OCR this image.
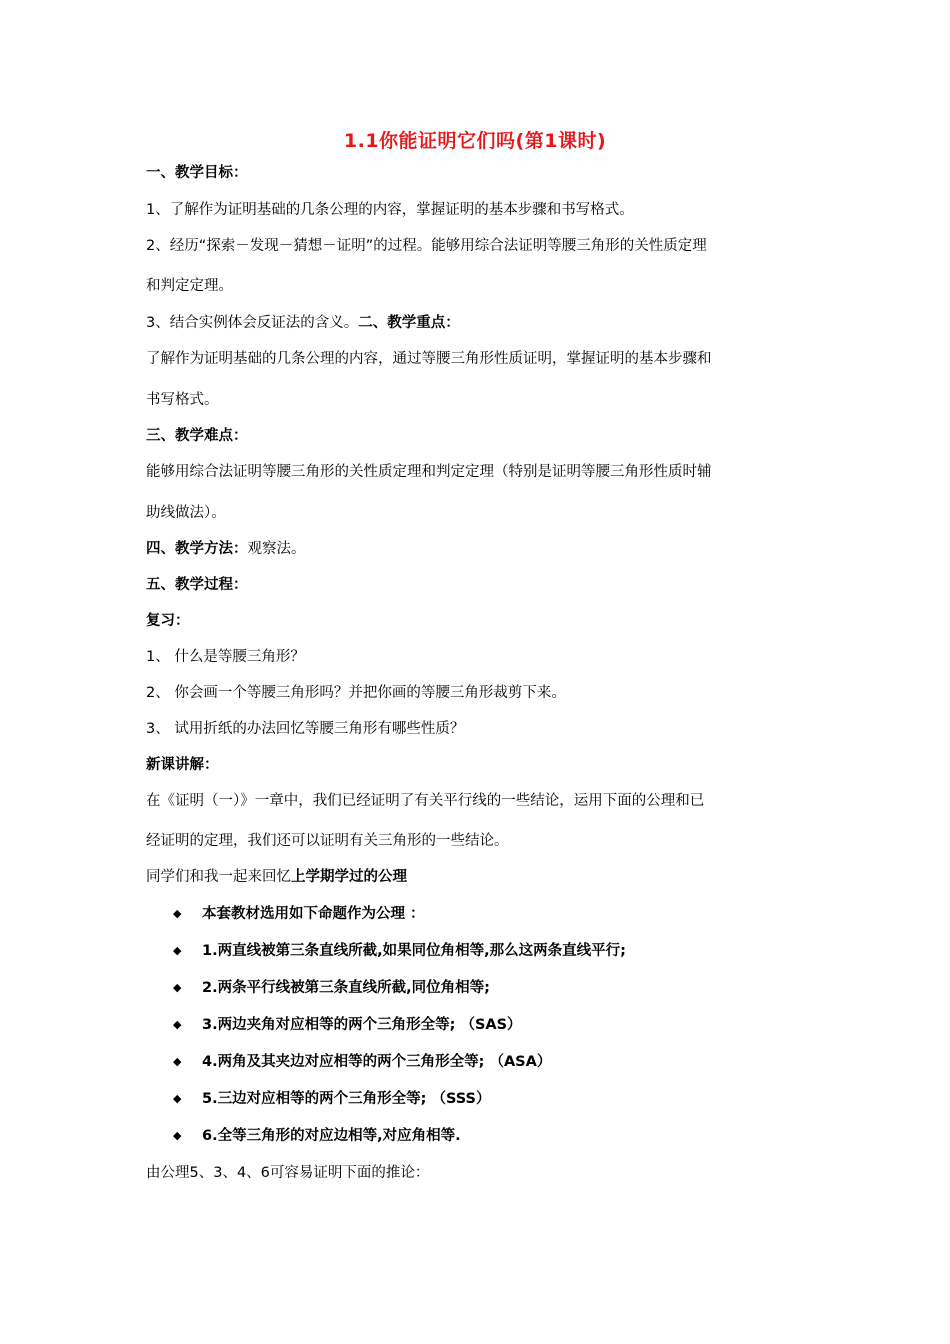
1.1你能证明它们吗(第1课时)
一、教学目标：
1、了解作为证明基础的几条公理的内容，掌握证明的基本步骤和书写格式。
2、经历“探索－发现－猜想－证明”的过程。能够用综合法证明等腰三角形的关性质定理
和判定定理。
3、结合实例体会反证法的含义。二、教学重点：
了解作为证明基础的几条公理的内容，通过等腰三角形性质证明，掌握证明的基本步骤和
书写格式。
三、教学难点：
能够用综合法证明等腰三角形的关性质定理和判定定理（特别是证明等腰三角形性质时辅
助线做法）。
四、教学方法：观察法。
五、教学过程：
复习：
1、 什么是等腰三角形？
2、 你会画一个等腰三角形吗？并把你画的等腰三角形裁剪下来。
3、 试用折纸的办法回忆等腰三角形有哪些性质？
新课讲解：
在《证明（一）》一章中，我们已经证明了有关平行线的一些结论，运用下面的公理和已
经证明的定理，我们还可以证明有关三角形的一些结论。
同学们和我一起来回忆上学期学过的公理
◆ 本套教材选用如下命题作为公理 ：
◆ 1.两直线被第三条直线所截,如果同位角相等,那么这两条直线平行;
◆ 2.两条平行线被第三条直线所截,同位角相等;
◆ 3.两边夹角对应相等的两个三角形全等; （SAS）
◆ 4.两角及其夹边对应相等的两个三角形全等; （ASA）
◆ 5.三边对应相等的两个三角形全等; （SSS）
◆ 6.全等三角形的对应边相等,对应角相等.
由公理5、3、4、6可容易证明下面的推论：
